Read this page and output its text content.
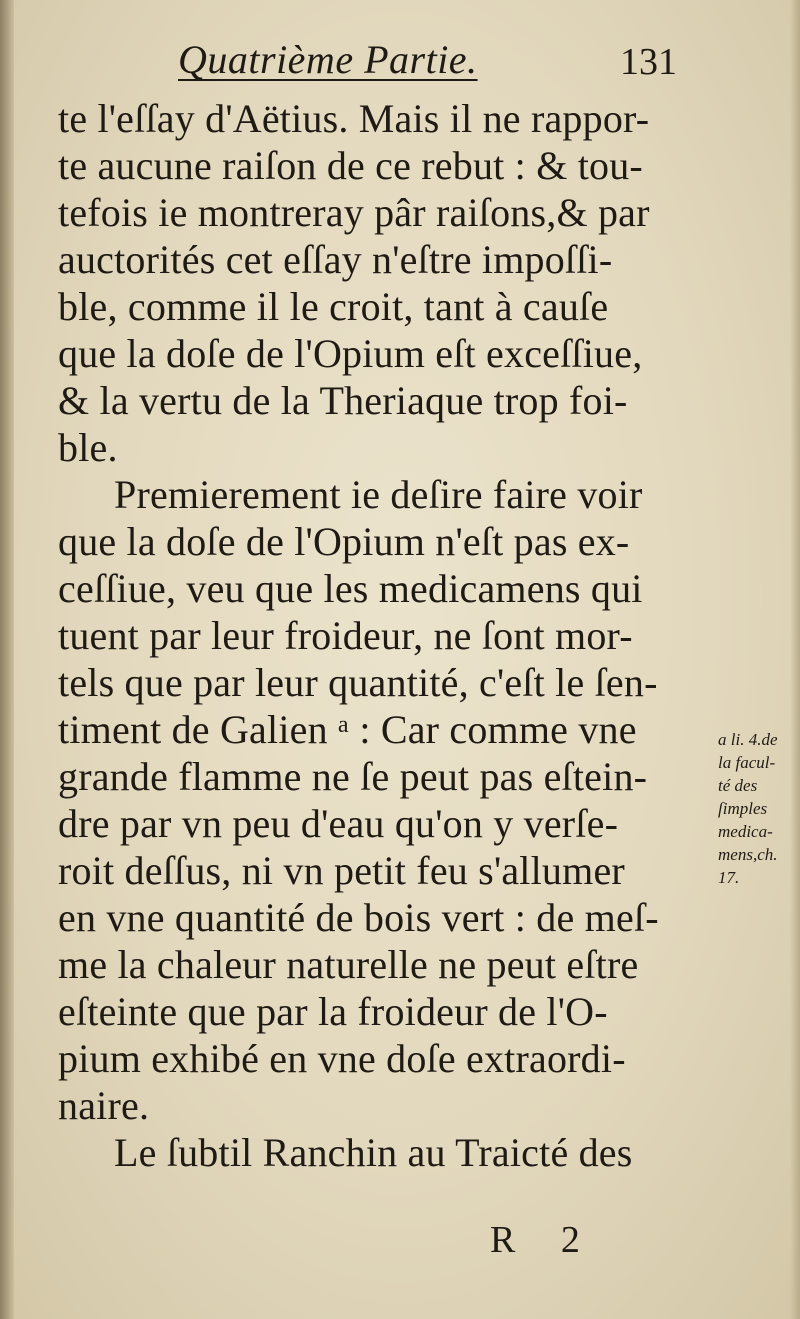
Quatrième Partie.	131
te l'eſſay d'Aëtius. Mais il ne rappor-
te aucune raiſon de ce rebut : & tou-
tefois ie montreray pâr raiſons,& par
auctorités cet eſſay n'eſtre impoſſi-
ble, comme il le croit, tant à cauſe
que la doſe de l'Opium eſt exceſſiue,
& la vertu de la Theriaque trop foi-
ble.
Premierement ie deſire faire voir
que la doſe de l'Opium n'eſt pas ex-
ceſſiue, veu que les medicamens qui
tuent par leur froideur, ne ſont mor-
tels que par leur quantité, c'eſt le ſen-
timent de Galien ᵃ : Car comme vne
grande flamme ne ſe peut pas eſtein-
dre par vn peu d'eau qu'on y verſe-
roit deſſus, ni vn petit feu s'allumer
en vne quantité de bois vert : de meſ-
me la chaleur naturelle ne peut eſtre
eſteinte que par la froideur de l'O-
pium exhibé en vne doſe extraordi-
naire.
Le ſubtil Ranchin au Traicté des
a li. 4.de
la facul-
té des
ſimples
medica-
mens,ch.
17.
R 2
